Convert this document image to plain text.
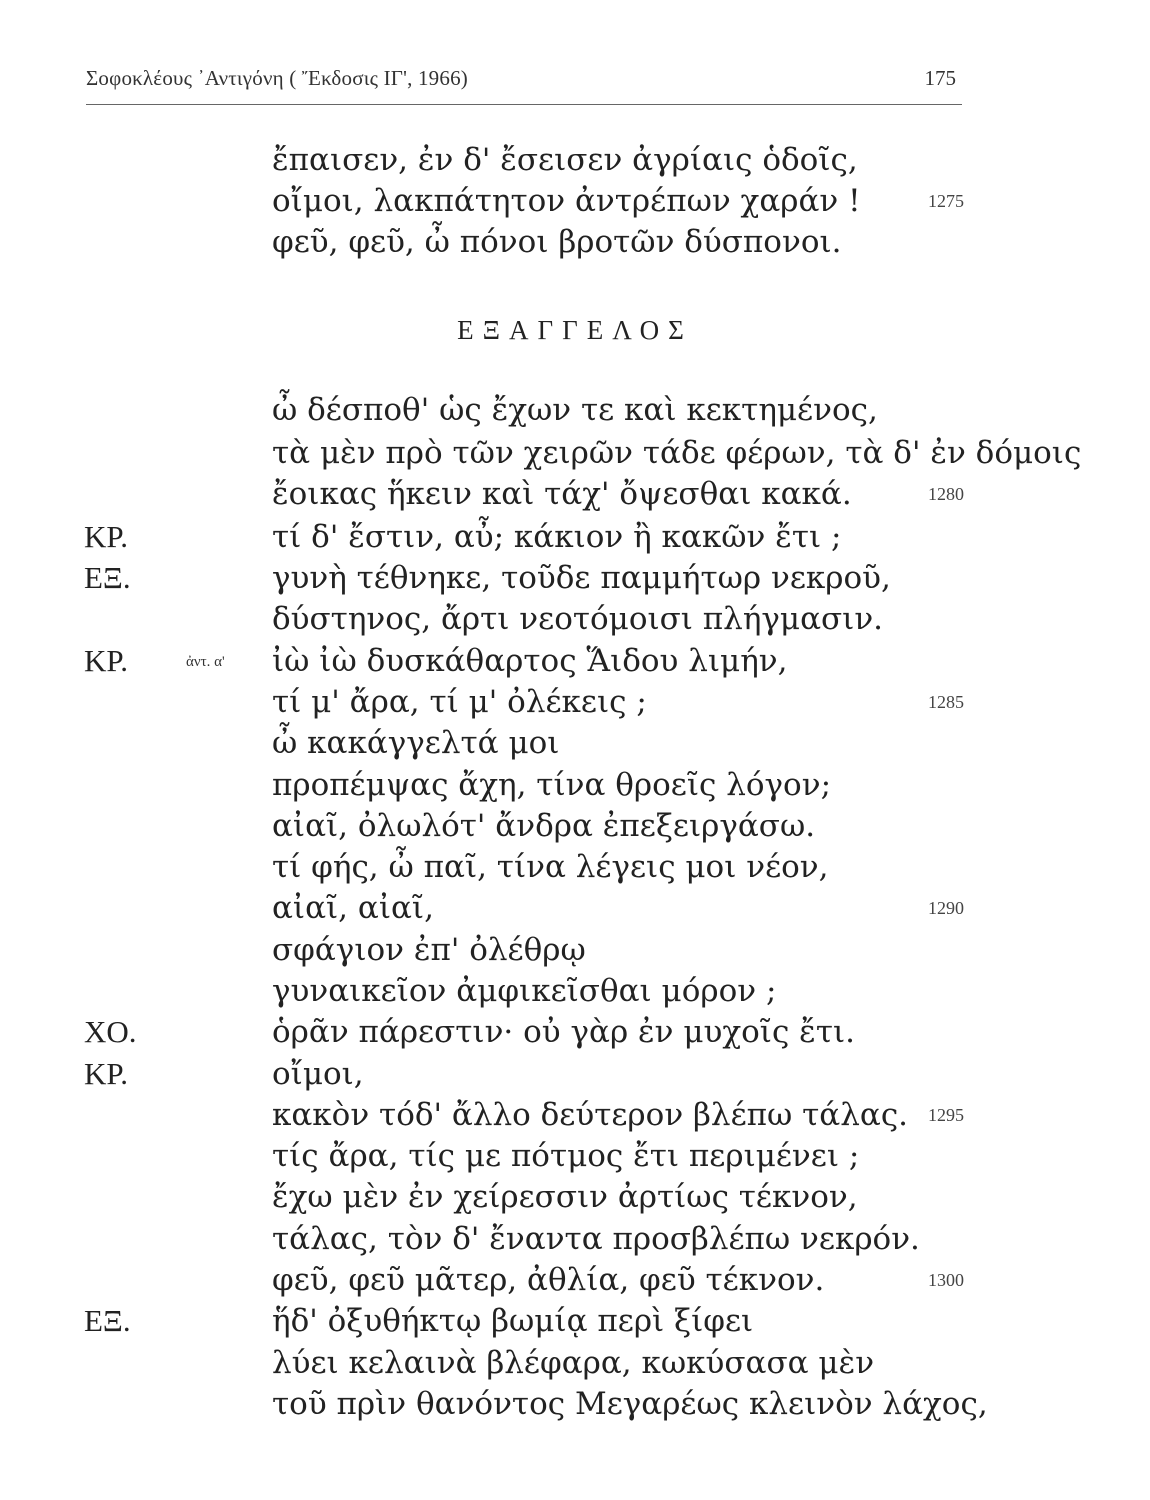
Σοφοκλέους ᾿Αντιγόνη ( Ἔκδοσις ΙΓ', 1966)	175
ἔπαισεν, ἐν δ' ἔσεισεν ἀγρίαις ὁδοῖς,
οἴμοι, λακπάτητον ἀντρέπων χαράν !	1275
φεῦ, φεῦ, ὦ πόνοι βροτῶν δύσπονοι.
ΕΞΑΓΓΕΛΟΣ
ὦ δέσποθ' ὡς ἔχων τε καὶ κεκτημένος,
τὰ μὲν πρὸ τῶν χειρῶν τάδε φέρων, τὰ δ' ἐν δόμοις
ἔοικας ἥκειν καὶ τάχ' ὄψεσθαι κακά.	1280
ΚΡ.	τί δ' ἔστιν, αὖ; κάκιον ἢ κακῶν ἔτι ;
ΕΞ.	γυνὴ τέθνηκε, τοῦδε παμμήτωρ νεκροῦ,
δύστηνος, ἄρτι νεοτόμοισι πλήγμασιν.
ΚΡ.	ἀντ. α' ἰὼ ἰὼ δυσκάθαρτος Ἅιδου λιμήν,
τί μ' ἄρα, τί μ' ὀλέκεις ;	1285
ὦ κακάγγελτά μοι
προπέμψας ἄχη, τίνα θροεῖς λόγον;
αἰαῖ, ὀλωλότ' ἄνδρα ἐπεξειργάσω.
τί φής, ὦ παῖ, τίνα λέγεις μοι νέον,
αἰαῖ, αἰαῖ,	1290
σφάγιον ἐπ' ὀλέθρῳ
γυναικεῖον ἀμφικεῖσθαι μόρον ;
ΧΟ.	ὁρᾶν πάρεστιν· οὐ γὰρ ἐν μυχοῖς ἔτι.
ΚΡ.	οἴμοι,
κακὸν τόδ' ἄλλο δεύτερον βλέπω τάλας.	1295
τίς ἄρα, τίς με πότμος ἔτι περιμένει ;
ἔχω μὲν ἐν χείρεσσιν ἀρτίως τέκνον,
τάλας, τὸν δ' ἔναντα προσβλέπω νεκρόν.
φεῦ, φεῦ μᾶτερ, ἀθλία, φεῦ τέκνον.	1300
ΕΞ.	ἥδ' ὀξυθήκτῳ βωμίᾳ περὶ ξίφει
λύει κελαινὰ βλέφαρα, κωκύσασα μὲν
τοῦ πρὶν θανόντος Μεγαρέως κλεινὸν λάχος,
